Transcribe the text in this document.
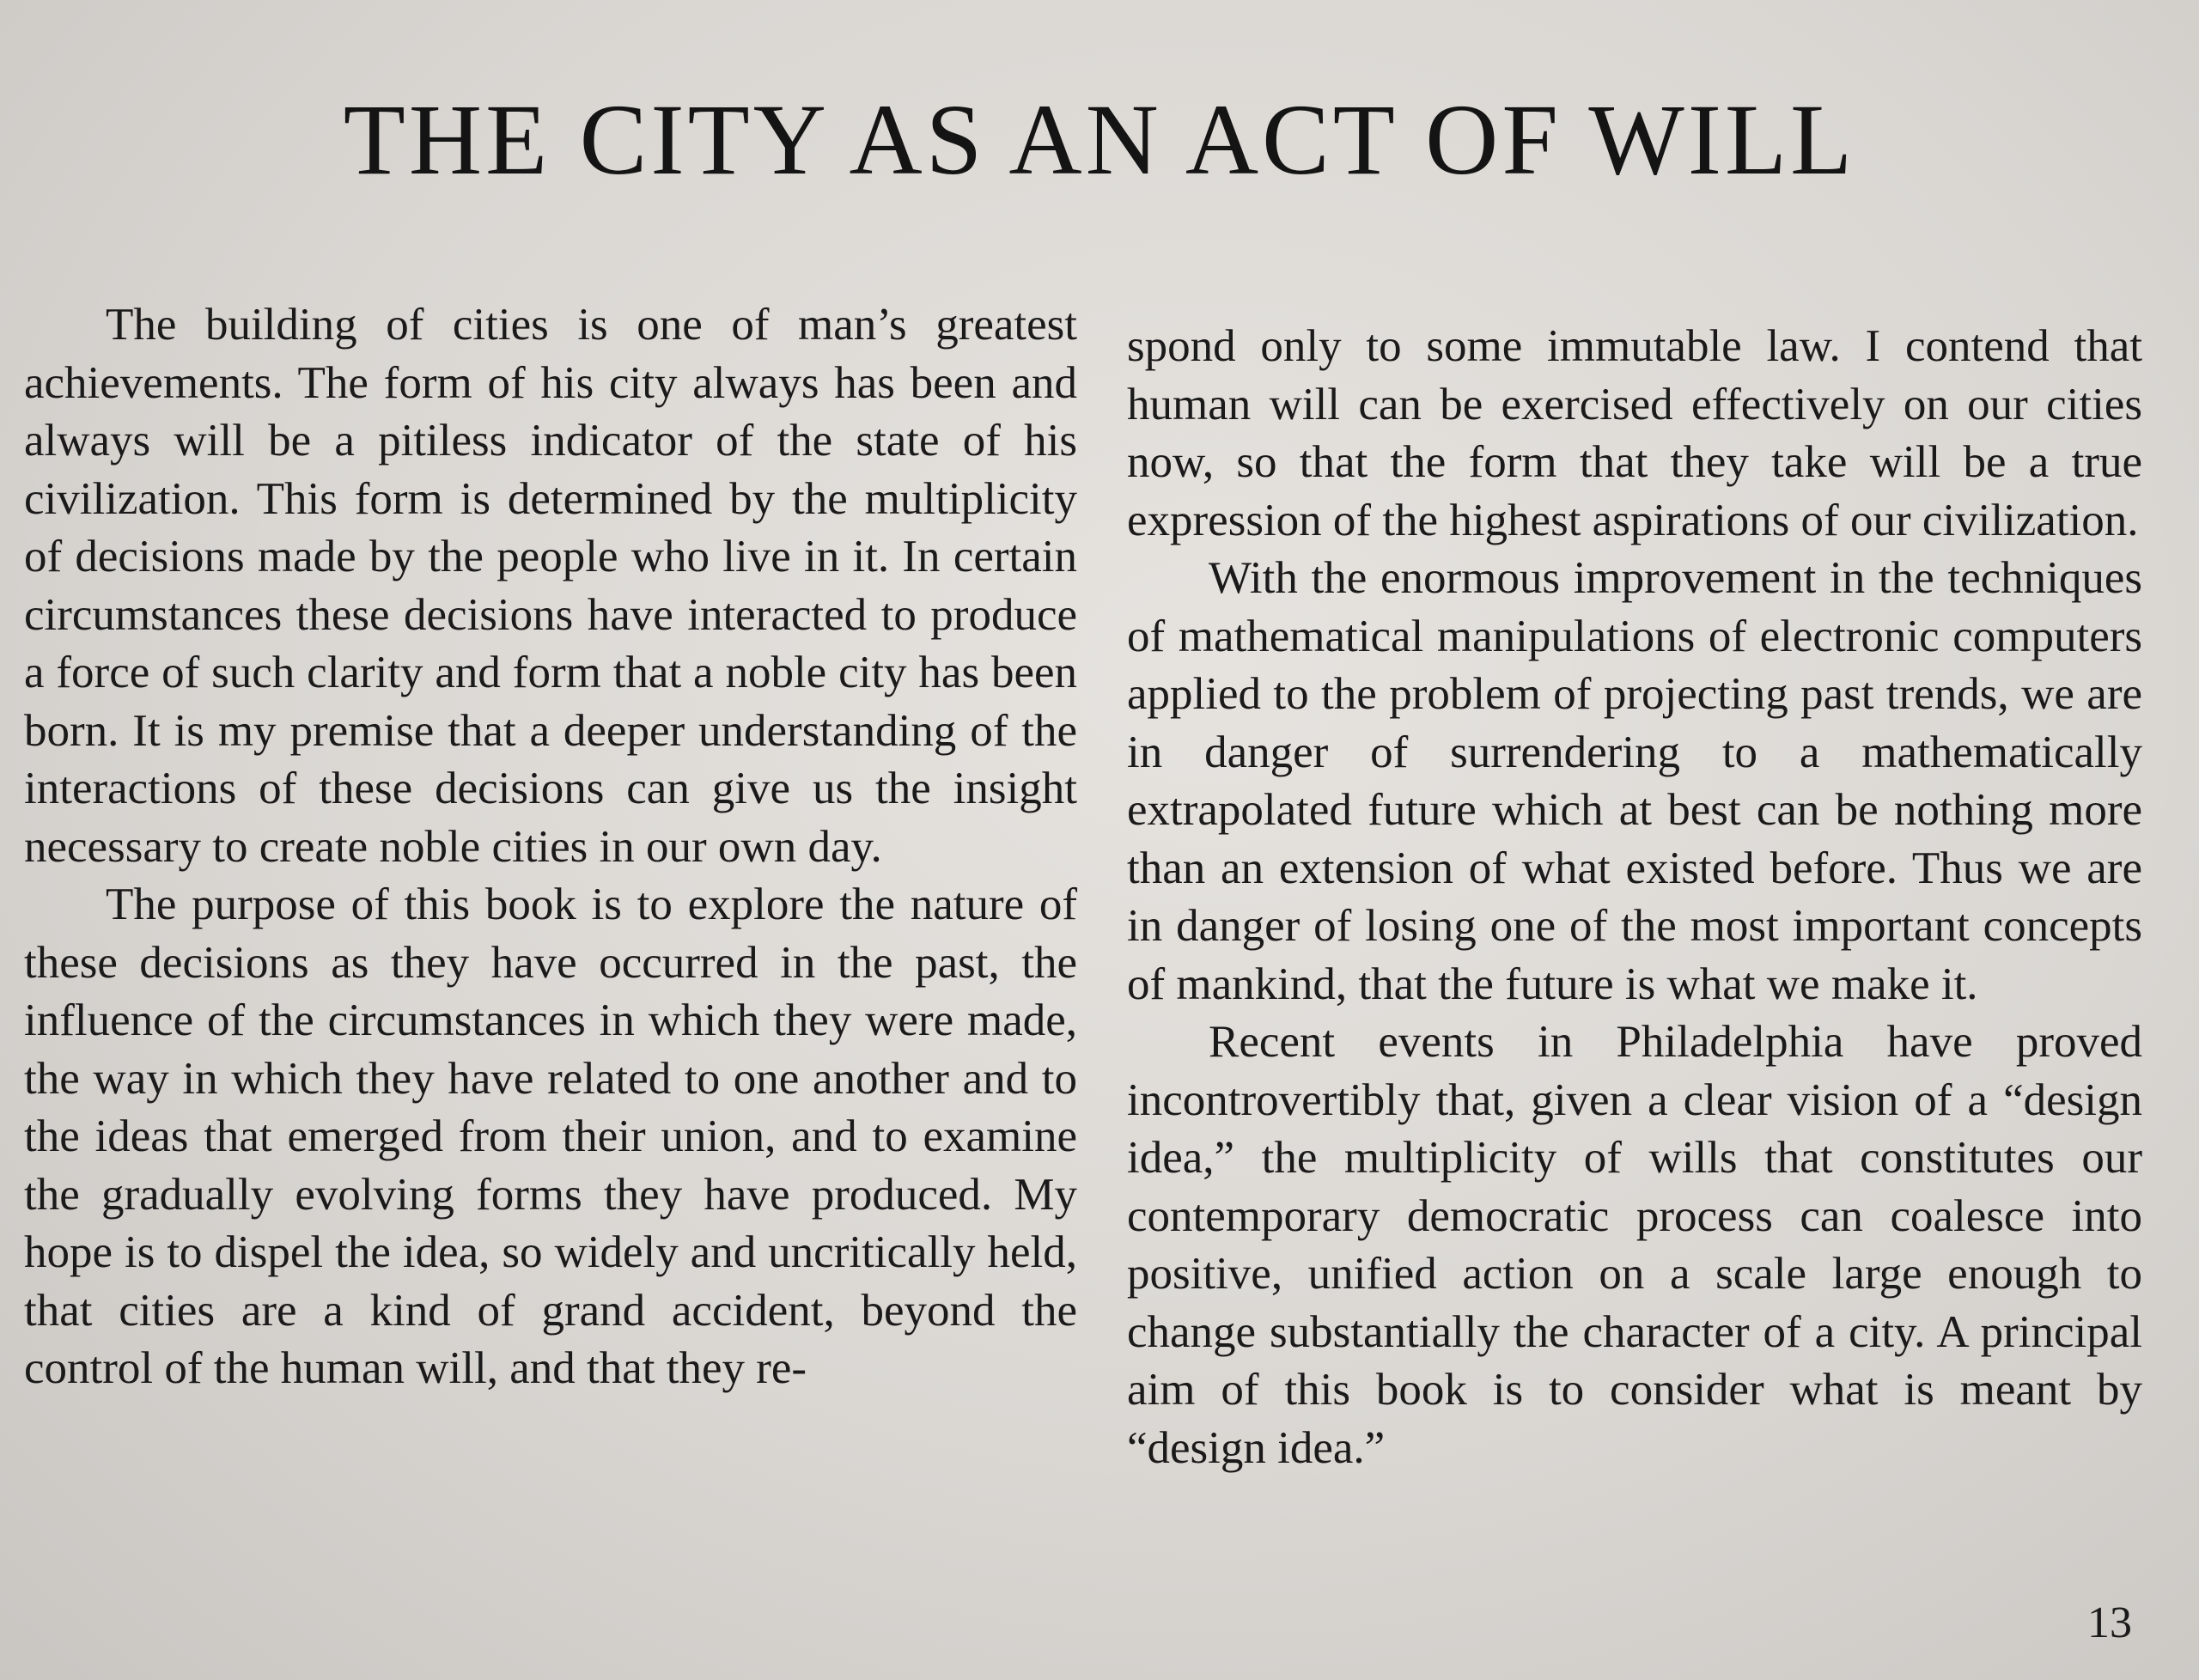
THE CITY AS AN ACT OF WILL

The building of cities is one of man’s greatest achievements. The form of his city always has been and always will be a pitiless indicator of the state of his civilization. This form is determined by the multiplicity of decisions made by the people who live in it. In certain circumstances these decisions have interacted to produce a force of such clarity and form that a noble city has been born. It is my premise that a deeper understanding of the interactions of these decisions can give us the insight necessary to create noble cities in our own day.

The purpose of this book is to explore the nature of these decisions as they have occurred in the past, the influence of the circumstances in which they were made, the way in which they have related to one another and to the ideas that emerged from their union, and to examine the gradually evolving forms they have produced. My hope is to dispel the idea, so widely and uncritically held, that cities are a kind of grand accident, beyond the control of the human will, and that they re-

spond only to some immutable law. I contend that human will can be exercised effectively on our cities now, so that the form that they take will be a true expression of the highest aspirations of our civilization.

With the enormous improvement in the techniques of mathematical manipulations of electronic computers applied to the problem of projecting past trends, we are in danger of surrendering to a mathematically extrapolated future which at best can be nothing more than an extension of what existed before. Thus we are in danger of losing one of the most important concepts of mankind, that the future is what we make it.

Recent events in Philadelphia have proved incontrovertibly that, given a clear vision of a “design idea,” the multiplicity of wills that constitutes our contemporary democratic process can coalesce into positive, unified action on a scale large enough to change substantially the character of a city. A principal aim of this book is to consider what is meant by “design idea.”

13
